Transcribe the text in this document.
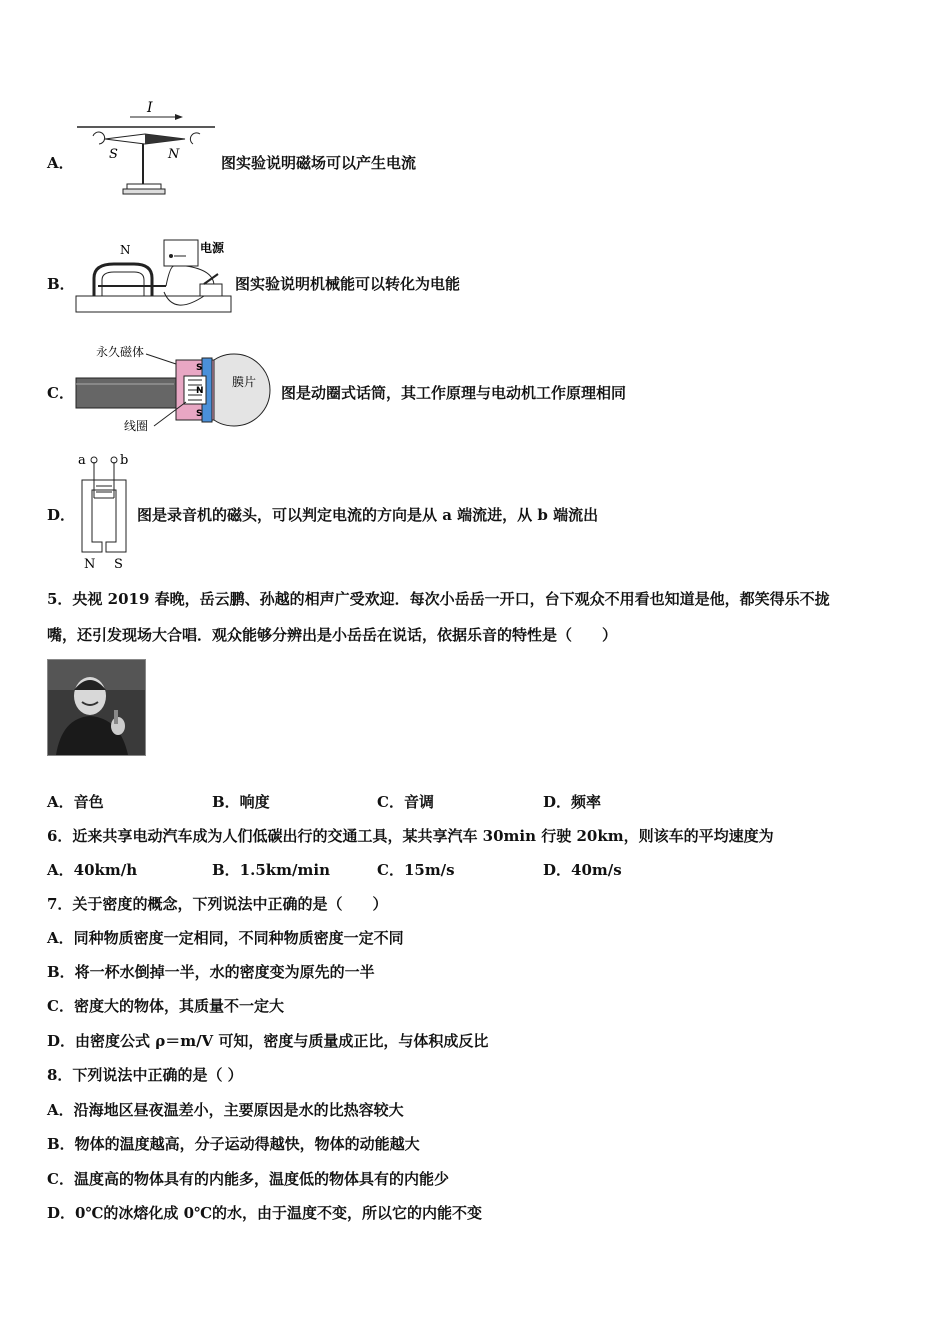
A．
I
S	N	图实验说明磁场可以产生电流
B．
N	电源
图实验说明机械能可以转化为电能
C．
永久磁体
S
N
S
膜片
线圈
图是动圈式话筒，其工作原理与电动机工作原理相同
D．
a	b
N S
图是录音机的磁头，可以判定电流的方向是从 a 端流进，从 b 端流出
5．央视 2019 春晚，岳云鹏、孙越的相声广受欢迎．每次小岳岳一开口，台下观众不用看也知道是他，都笑得乐不拢
嘴，还引发现场大合唱．观众能够分辨出是小岳岳在说话，依据乐音的特性是（　　）
A．音色	B．响度	C．音调	D．频率
6．近来共享电动汽车成为人们低碳出行的交通工具，某共享汽车 30min 行驶 20km，则该车的平均速度为
A．40km/h	B．1.5km/min	C．15m/s	D．40m/s
7．关于密度的概念，下列说法中正确的是（　　）
A．同种物质密度一定相同，不同种物质密度一定不同
B．将一杯水倒掉一半，水的密度变为原先的一半
C．密度大的物体，其质量不一定大
D．由密度公式 ρ＝m/V 可知，密度与质量成正比，与体积成反比
8．下列说法中正确的是（ ）
A．沿海地区昼夜温差小，主要原因是水的比热容较大
B．物体的温度越高，分子运动得越快，物体的动能越大
C．温度高的物体具有的内能多，温度低的物体具有的内能少
D．0℃的冰熔化成 0℃的水，由于温度不变，所以它的内能不变
